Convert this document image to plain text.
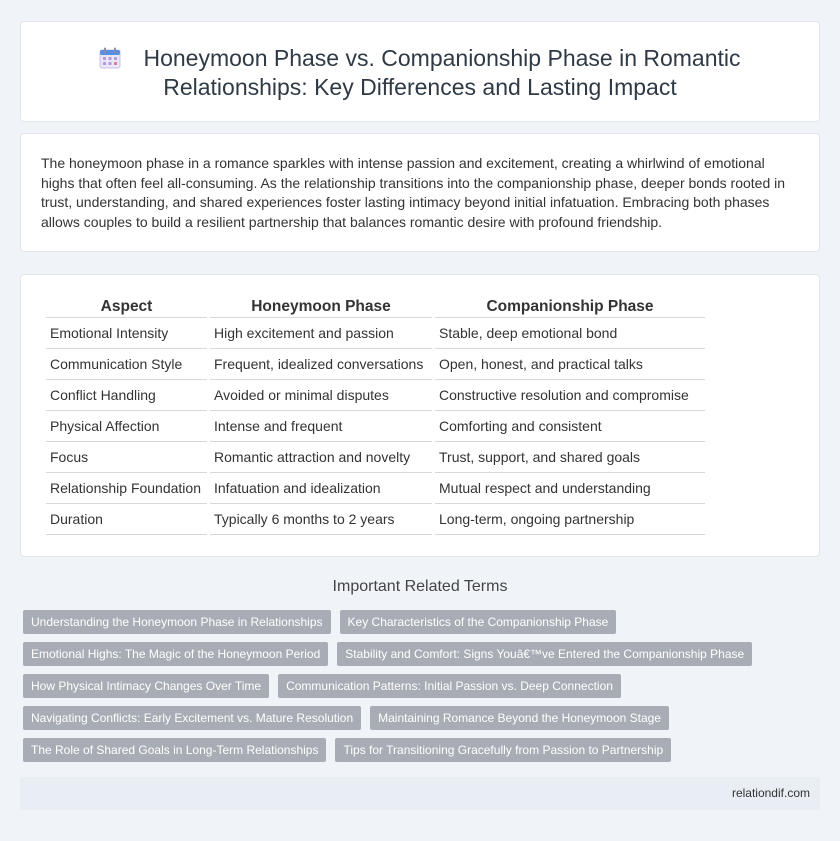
Honeymoon Phase vs. Companionship Phase in Romantic
Relationships: Key Differences and Lasting Impact

The honeymoon phase in a romance sparkles with intense passion and excitement, creating a whirlwind of emotional highs that often feel all-consuming. As the relationship transitions into the companionship phase, deeper bonds rooted in trust, understanding, and shared experiences foster lasting intimacy beyond initial infatuation. Embracing both phases allows couples to build a resilient partnership that balances romantic desire with profound friendship.

Aspect	Honeymoon Phase	Companionship Phase
Emotional Intensity	High excitement and passion	Stable, deep emotional bond
Communication Style	Frequent, idealized conversations	Open, honest, and practical talks
Conflict Handling	Avoided or minimal disputes	Constructive resolution and compromise
Physical Affection	Intense and frequent	Comforting and consistent
Focus	Romantic attraction and novelty	Trust, support, and shared goals
Relationship Foundation	Infatuation and idealization	Mutual respect and understanding
Duration	Typically 6 months to 2 years	Long-term, ongoing partnership
Important Related Terms
Understanding the Honeymoon Phase in Relationships	Key Characteristics of the Companionship Phase
Emotional Highs: The Magic of the Honeymoon Period	Stability and Comfort: Signs Youâ€™ve Entered the Companionship Phase
How Physical Intimacy Changes Over Time	Communication Patterns: Initial Passion vs. Deep Connection
Navigating Conflicts: Early Excitement vs. Mature Resolution	Maintaining Romance Beyond the Honeymoon Stage
The Role of Shared Goals in Long-Term Relationships	Tips for Transitioning Gracefully from Passion to Partnership
relationdif.com
